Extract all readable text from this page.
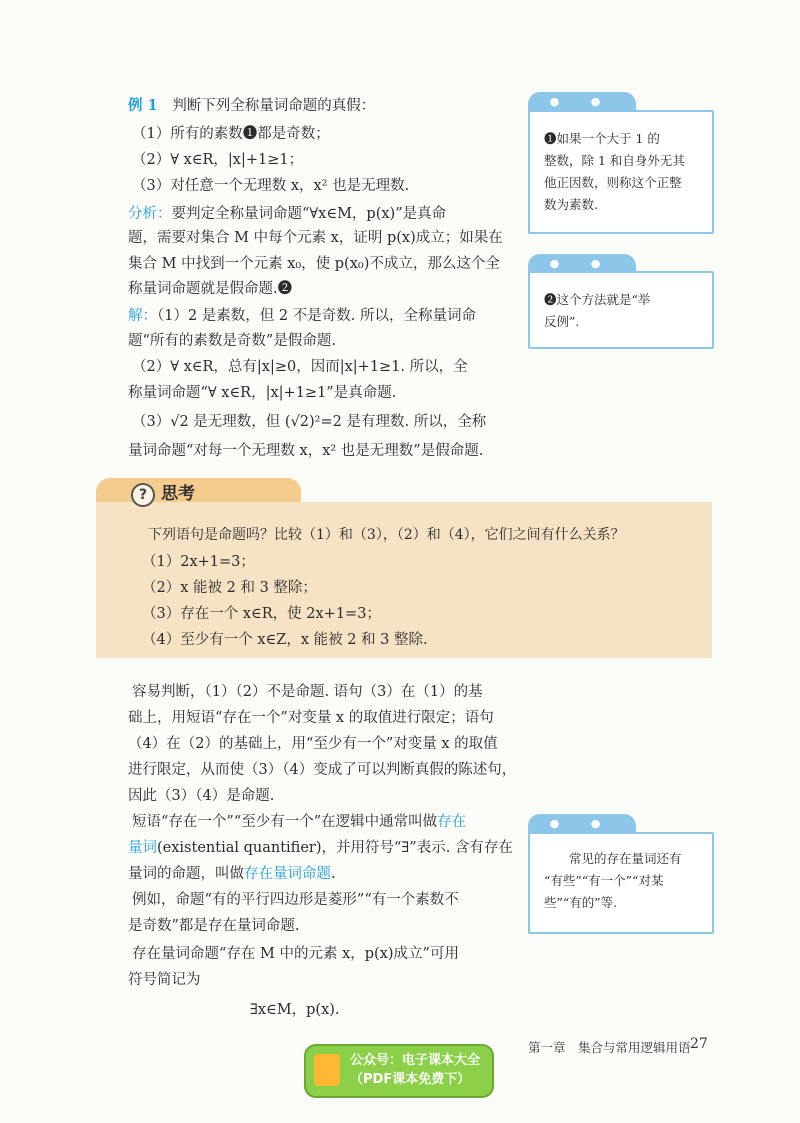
例 1 判断下列全称量词命题的真假：
（1）所有的素数❶都是奇数；
（2）∀ x∈R，|x|+1≥1；
（3）对任意一个无理数 x，x² 也是无理数.
分析：要判定全称量词命题“∀x∈M，p(x)”是真命
题，需要对集合 M 中每个元素 x，证明 p(x)成立；如果在
集合 M 中找到一个元素 x₀，使 p(x₀)不成立，那么这个全
称量词命题就是假命题.❷
解：（1）2 是素数，但 2 不是奇数. 所以，全称量词命
题“所有的素数是奇数”是假命题.
（2）∀ x∈R，总有|x|≥0，因而|x|+1≥1. 所以，全
称量词命题“∀ x∈R，|x|+1≥1”是真命题.
（3）√2 是无理数，但 (√2)²=2 是有理数. 所以，全称
量词命题“对每一个无理数 x，x² 也是无理数”是假命题.
● ●
❶如果一个大于 1 的
整数，除 1 和自身外无其
他正因数，则称这个正整
数为素数.
● ●
❷这个方法就是“举
反例”.
? 思考
下列语句是命题吗？比较（1）和（3），（2）和（4），它们之间有什么关系？
（1）2x+1=3；
（2）x 能被 2 和 3 整除；
（3）存在一个 x∈R，使 2x+1=3；
（4）至少有一个 x∈Z，x 能被 2 和 3 整除.
容易判断，（1）（2）不是命题. 语句（3）在（1）的基
础上，用短语“存在一个”对变量 x 的取值进行限定；语句
（4）在（2）的基础上，用“至少有一个”对变量 x 的取值
进行限定，从而使（3）（4）变成了可以判断真假的陈述句，
因此（3）（4）是命题.
短语“存在一个”“至少有一个”在逻辑中通常叫做存在
量词(existential quantifier)，并用符号“∃”表示. 含有存在
量词的命题，叫做存在量词命题.
例如，命题“有的平行四边形是菱形”“有一个素数不
是奇数”都是存在量词命题.
存在量词命题“存在 M 中的元素 x，p(x)成立”可用
符号简记为
∃x∈M，p(x).
● ●
常见的存在量词还有
“有些”“有一个”“对某
些”“有的”等.
第一章　集合与常用逻辑用语 27
公众号：电子课本大全
（PDF课本免费下）
